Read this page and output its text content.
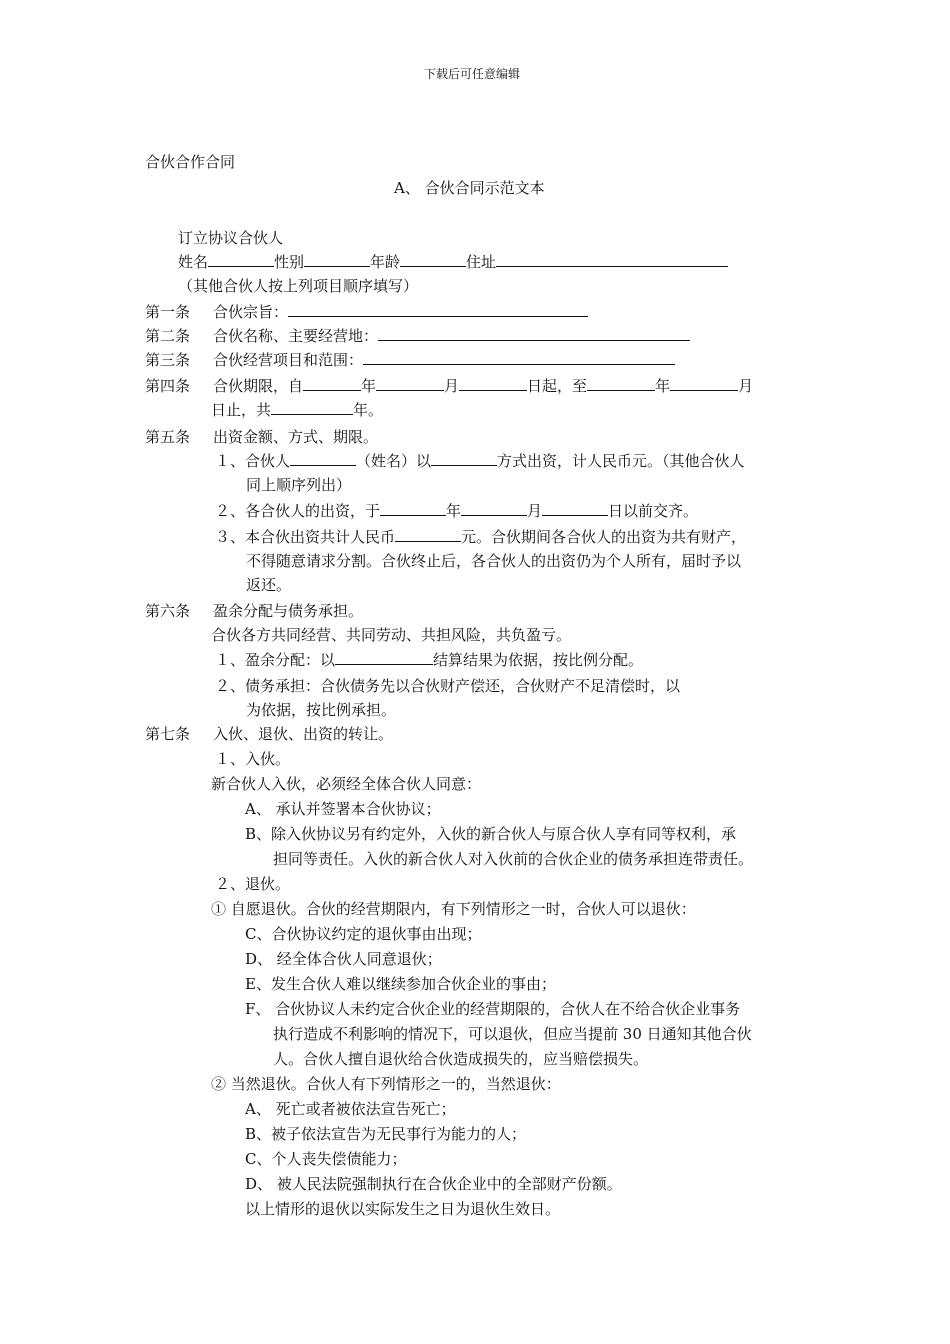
下载后可任意编辑
合伙合作合同
A、 合伙合同示范文本
订立协议合伙人
姓名	性别	年龄	住址
（其他合伙人按上列项目顺序填写）
第一条 合伙宗旨：
第二条 合伙名称、主要经营地：
第三条 合伙经营项目和范围：
第四条 合伙期限，自	年	月	日起，至	年	月
日止，共	年。
第五条 出资金额、方式、期限。
１、合伙人	（姓名）以	方式出资，计人民币元。（其他合伙人
同上顺序列出）
２、各合伙人的出资，于	年	月	日以前交齐。
３、本合伙出资共计人民币	元。合伙期间各合伙人的出资为共有财产，
不得随意请求分割。合伙终止后，各合伙人的出资仍为个人所有，届时予以
返还。
第六条 盈余分配与债务承担。
合伙各方共同经营、共同劳动、共担风险，共负盈亏。
１、盈余分配：以	结算结果为依据，按比例分配。
２、债务承担：合伙债务先以合伙财产偿还，合伙财产不足清偿时，以
为依据，按比例承担。
第七条 入伙、退伙、出资的转让。
１、入伙。
新合伙人入伙，必须经全体合伙人同意：
A、 承认并签署本合伙协议；
B、除入伙协议另有约定外，入伙的新合伙人与原合伙人享有同等权利，承
担同等责任。入伙的新合伙人对入伙前的合伙企业的债务承担连带责任。
２、退伙。
① 自愿退伙。合伙的经营期限内，有下列情形之一时，合伙人可以退伙：
C、合伙协议约定的退伙事由出现；
D、 经全体合伙人同意退伙；
E、发生合伙人难以继续参加合伙企业的事由；
F、 合伙协议人未约定合伙企业的经营期限的，合伙人在不给合伙企业事务
执行造成不利影响的情况下，可以退伙，但应当提前 30 日通知其他合伙
人。合伙人擅自退伙给合伙造成损失的，应当赔偿损失。
② 当然退伙。合伙人有下列情形之一的，当然退伙：
A、 死亡或者被依法宣告死亡；
B、被子依法宣告为无民事行为能力的人；
C、个人丧失偿债能力；
D、 被人民法院强制执行在合伙企业中的全部财产份额。
以上情形的退伙以实际发生之日为退伙生效日。
